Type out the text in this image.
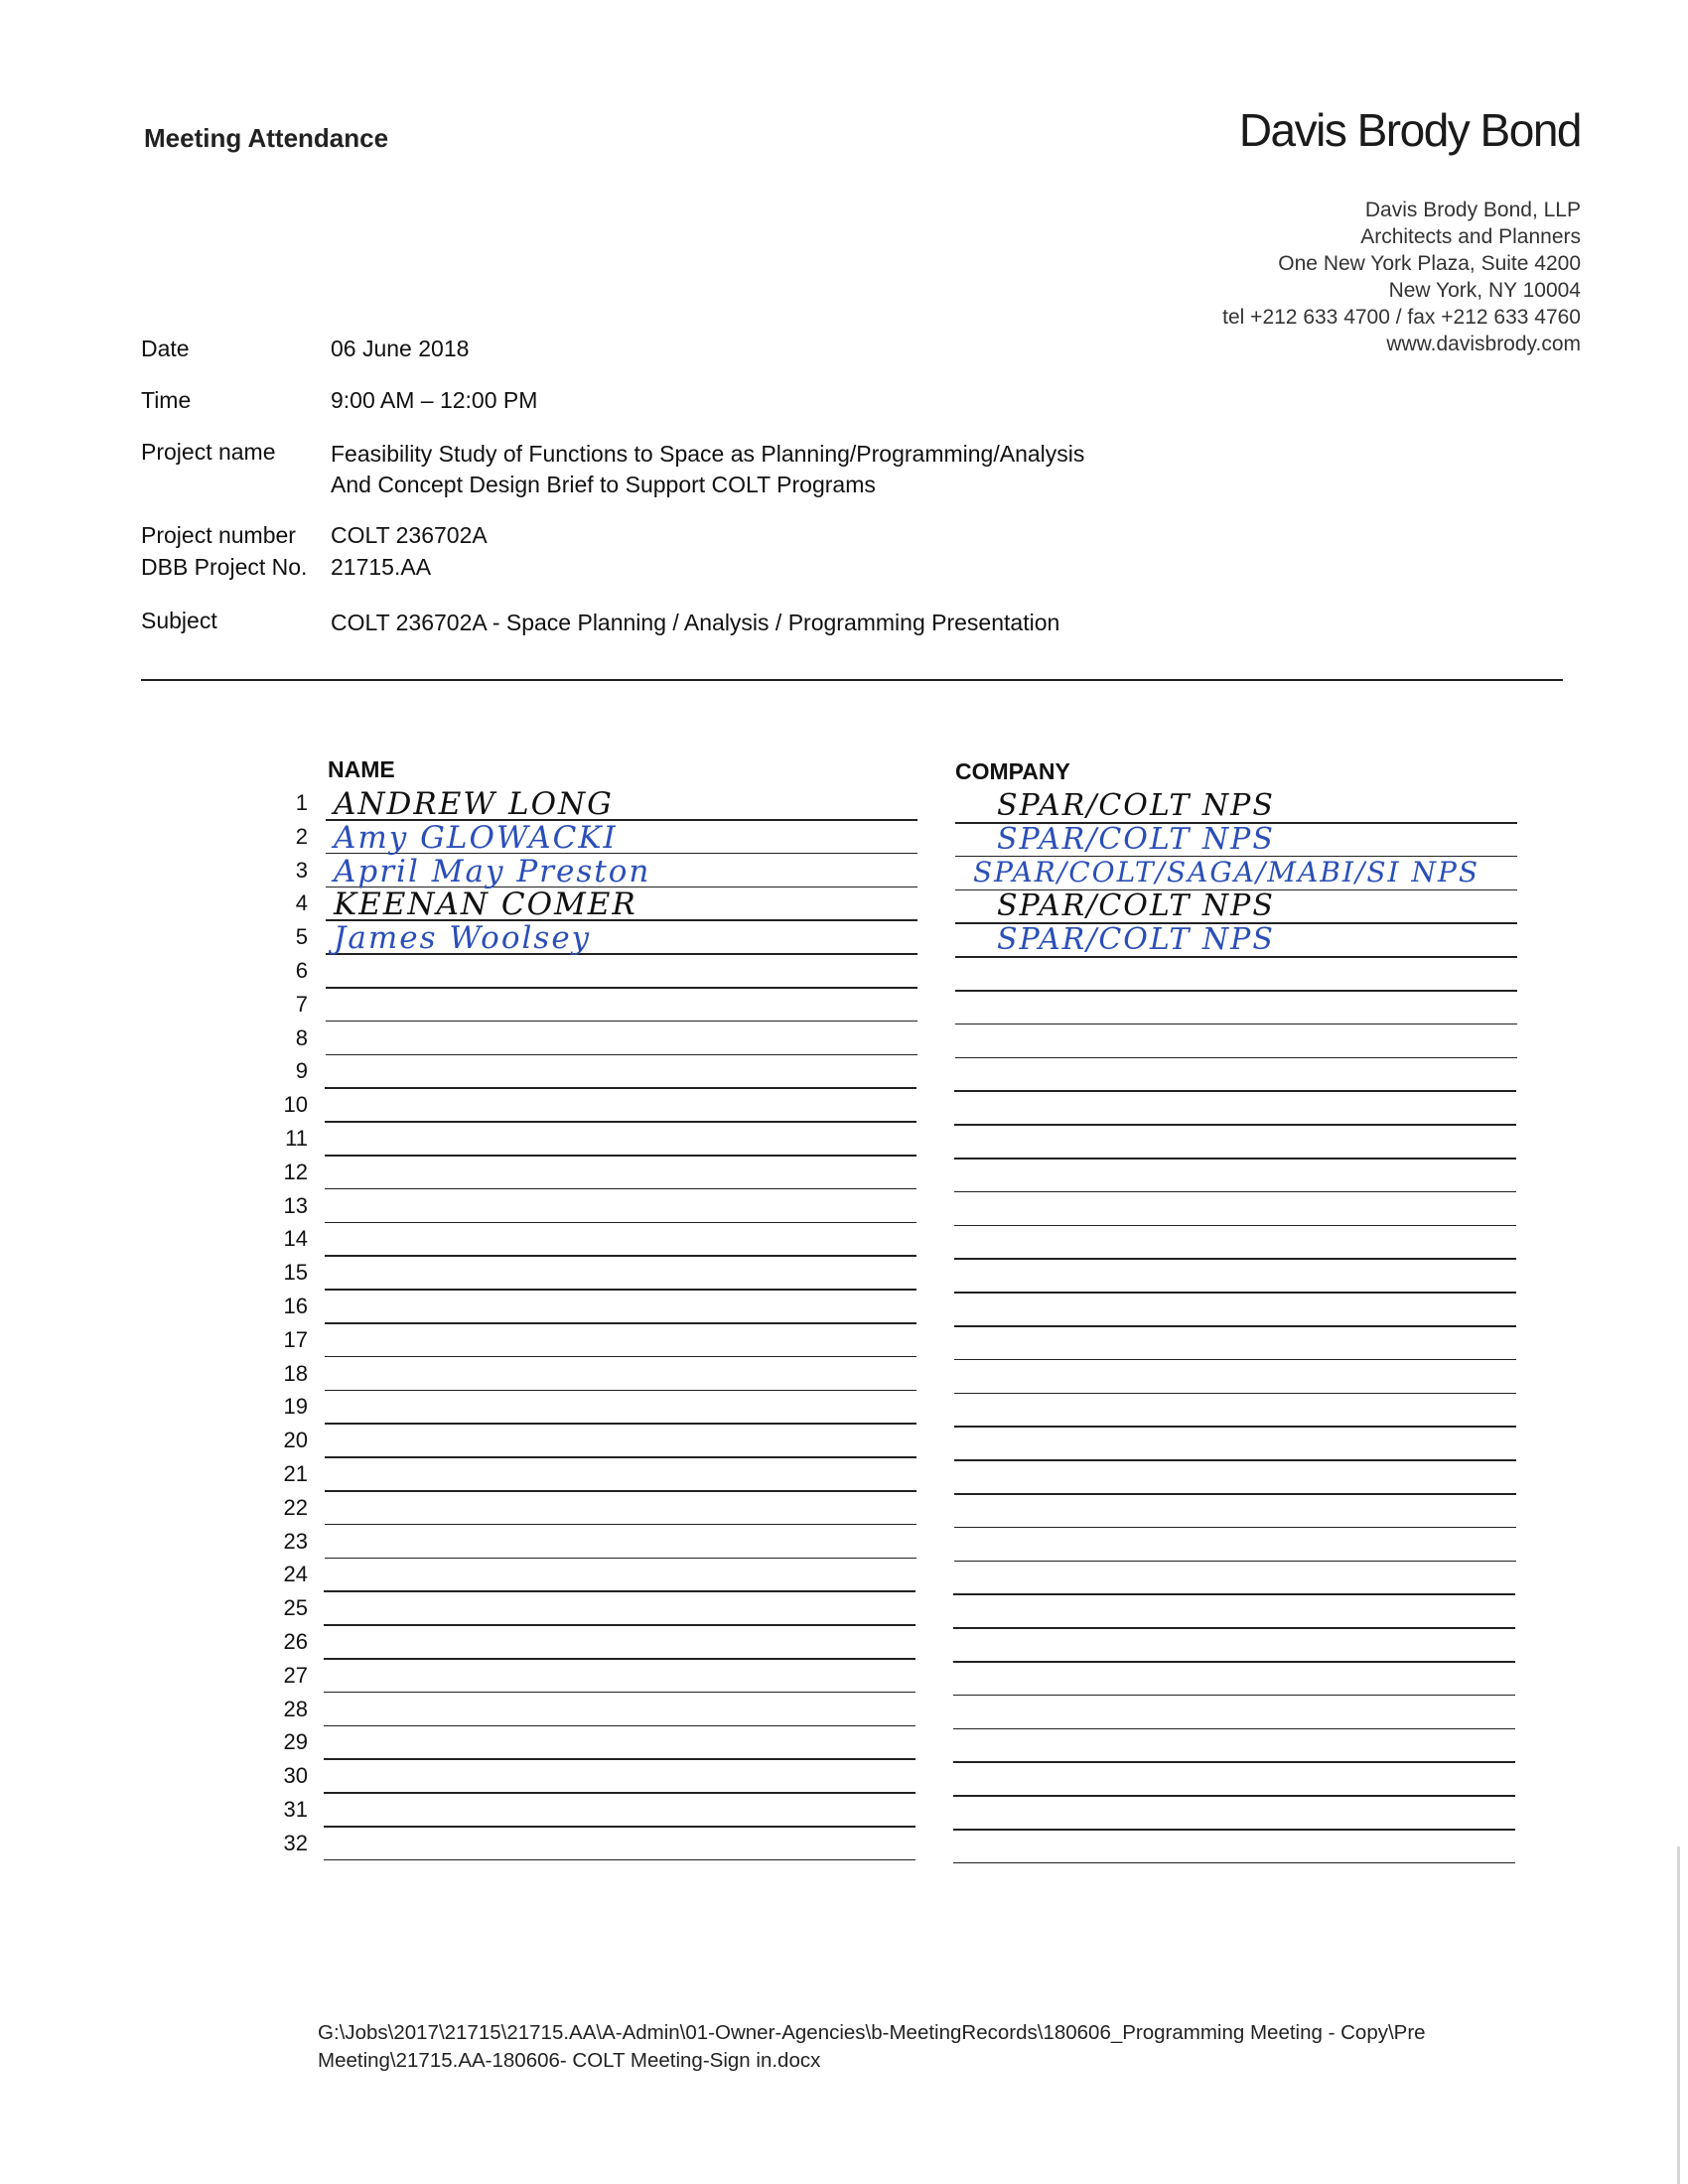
Meeting Attendance	Davis Brody Bond
Davis Brody Bond, LLP
Architects and Planners
One New York Plaza, Suite 4200
New York, NY 10004
tel +212 633 4700 / fax +212 633 4760
www.davisbrody.com
Date	06 June 2018
Time	9:00 AM – 12:00 PM
Project name Feasibility Study of Functions to Space as Planning/Programming/Analysis
And Concept Design Brief to Support COLT Programs
Project number COLT 236702A
DBB Project No. 21715.AA
Subject	COLT 236702A - Space Planning / Analysis / Programming Presentation
NAME	COMPANY
1 ANDREW LONG	SPAR/COLT NPS
2 Amy GLOWACKI	SPAR/COLT NPS
3 April May Preston	SPAR/COLT/SAGA/MABI/SI NPS
4 KEENAN COMER	SPAR/COLT NPS
5 James Woolsey	SPAR/COLT NPS
6
7
8
9
10
11
12
13
14
15
16
17
18
19
20
21
22
23
24
25
26
27
28
29
30
31
32
G:\Jobs\2017\21715\21715.AA\A-Admin\01-Owner-Agencies\b-MeetingRecords\180606_Programming Meeting - Copy\Pre
Meeting\21715.AA-180606- COLT Meeting-Sign in.docx
